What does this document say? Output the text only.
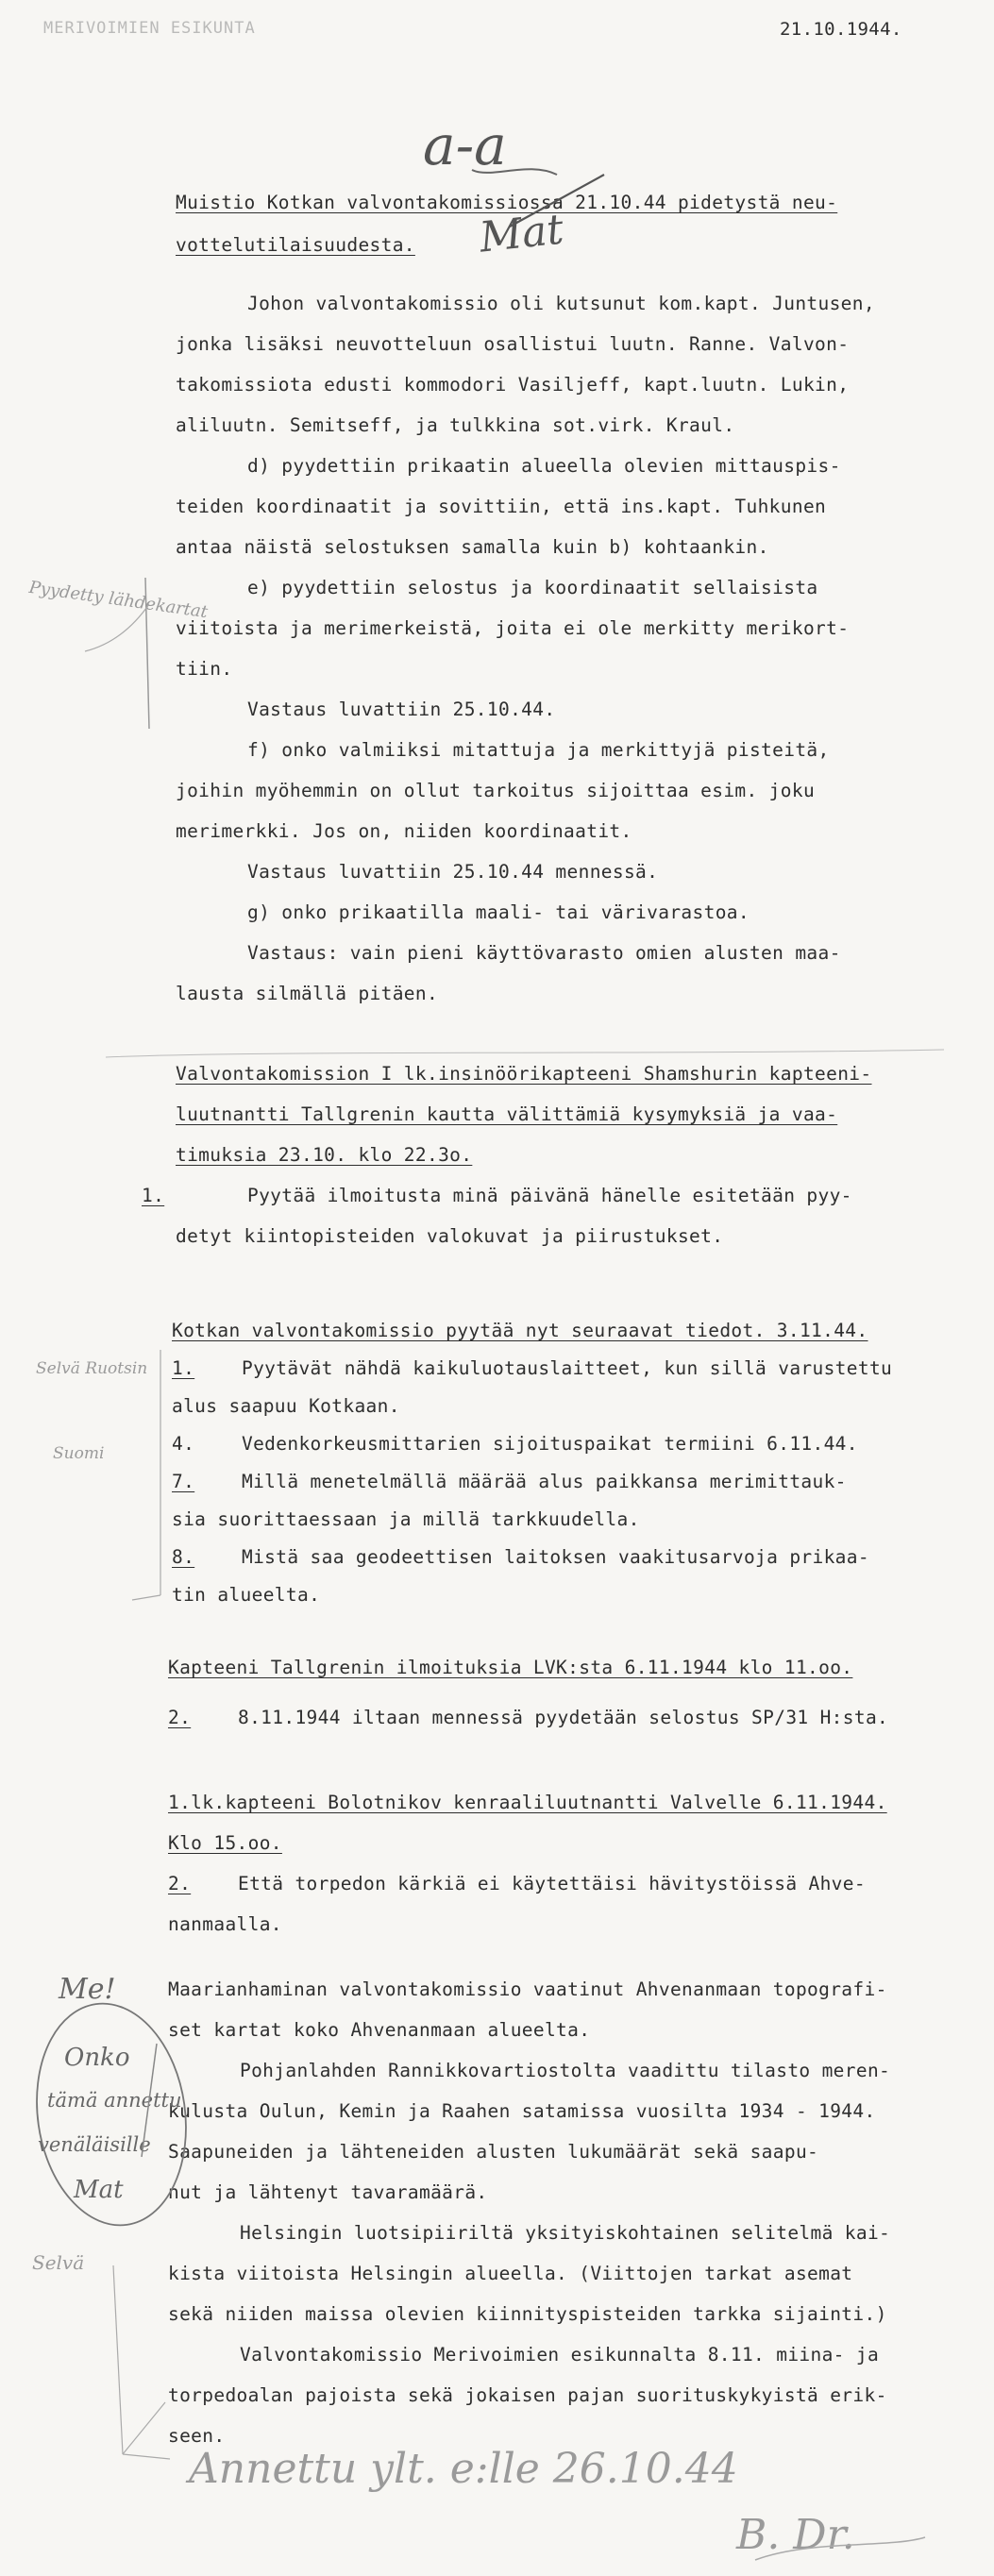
MERIVOIMIEN ESIKUNTA	21.10.1944.
a-a
Mat
Muistio Kotkan valvontakomissiossa 21.10.44 pidetystä neu-
vottelutilaisuudesta.
Johon valvontakomissio oli kutsunut kom.kapt. Juntusen,
jonka lisäksi neuvotteluun osallistui luutn. Ranne. Valvon-
takomissiota edusti kommodori Vasiljeff, kapt.luutn. Lukin,
aliluutn. Semitseff, ja tulkkina sot.virk. Kraul.
d) pyydettiin prikaatin alueella olevien mittauspis-
teiden koordinaatit ja sovittiin, että ins.kapt. Tuhkunen
antaa näistä selostuksen samalla kuin b) kohtaankin.
e) pyydettiin selostus ja koordinaatit sellaisista
viitoista ja merimerkeistä, joita ei ole merkitty merikort-
tiin.
Vastaus luvattiin 25.10.44.
f) onko valmiiksi mitattuja ja merkittyjä pisteitä,
joihin myöhemmin on ollut tarkoitus sijoittaa esim. joku
merimerkki. Jos on, niiden koordinaatit.
Vastaus luvattiin 25.10.44 mennessä.
g) onko prikaatilla maali- tai värivarastoa.
Vastaus: vain pieni käyttövarasto omien alusten maa-
lausta silmällä pitäen.
Valvontakomission I lk.insinöörikapteeni Shamshurin kapteeni-
luutnantti Tallgrenin kautta välittämiä kysymyksiä ja vaa-
timuksia 23.10. klo 22.3o.
1.	Pyytää ilmoitusta minä päivänä hänelle esitetään pyy-
detyt kiintopisteiden valokuvat ja piirustukset.
Kotkan valvontakomissio pyytää nyt seuraavat tiedot. 3.11.44.
1.	Pyytävät nähdä kaikuluotauslaitteet, kun sillä varustettu
alus saapuu Kotkaan.
4.	Vedenkorkeusmittarien sijoituspaikat termiini 6.11.44.
7.	Millä menetelmällä määrää alus paikkansa merimittauk-
sia suorittaessaan ja millä tarkkuudella.
8.	Mistä saa geodeettisen laitoksen vaakitusarvoja prikaa-
tin alueelta.
Kapteeni Tallgrenin ilmoituksia LVK:sta 6.11.1944 klo 11.oo.
2.	8.11.1944 iltaan mennessä pyydetään selostus SP/31 H:sta.
1.lk.kapteeni Bolotnikov kenraaliluutnantti Valvelle 6.11.1944.
Klo 15.oo.
2.	Että torpedon kärkiä ei käytettäisi hävitystöissä Ahve-
nanmaalla.
Maarianhaminan valvontakomissio vaatinut Ahvenanmaan topografi-
set kartat koko Ahvenanmaan alueelta.
Pohjanlahden Rannikkovartiostolta vaadittu tilasto meren-
kulusta Oulun, Kemin ja Raahen satamissa vuosilta 1934 - 1944.
Saapuneiden ja lähteneiden alusten lukumäärät sekä saapu-
nut ja lähtenyt tavaramäärä.
Helsingin luotsipiiriltä yksityiskohtainen selitelmä kai-
kista viitoista Helsingin alueella. (Viittojen tarkat asemat
sekä niiden maissa olevien kiinnityspisteiden tarkka sijainti.)
Valvontakomissio Merivoimien esikunnalta 8.11. miina- ja
torpedoalan pajoista sekä jokaisen pajan suorituskykyistä erik-
seen.
Pyydetty lähdekartat
Selvä Ruotsin
Suomi
Me!
Onko
tämä annettu
venäläisille
Mat
Selvä
Annettu ylt. e:lle 26.10.44
B. Dr.
